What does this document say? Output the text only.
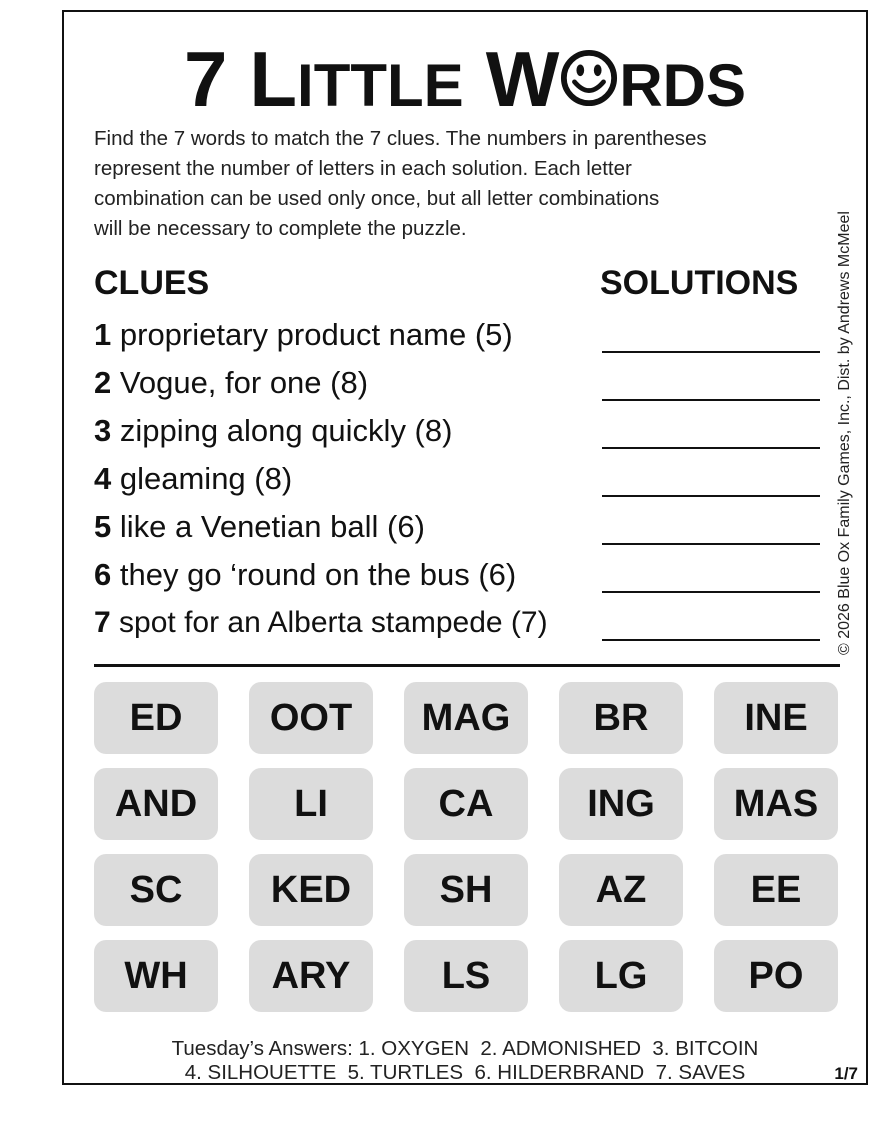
7 LITTLE W RDS
Find the 7 words to match the 7 clues. The numbers in parentheses
represent the number of letters in each solution. Each letter
combination can be used only once, but all letter combinations
will be necessary to complete the puzzle.
CLUES	SOLUTIONS
1 proprietary product name (5)
2 Vogue, for one (8)
3 zipping along quickly (8)
4 gleaming (8)
5 like a Venetian ball (6)
6 they go ‘round on the bus (6)
7 spot for an Alberta stampede (7)
ED	OOT	MAG	BR	INE
AND	LI	CA	ING	MAS
SC	KED	SH	AZ	EE
WH	ARY	LS	LG	PO
Tuesday’s Answers: 1. OXYGEN  2. ADMONISHED  3. BITCOIN
4. SILHOUETTE  5. TURTLES  6. HILDERBRAND  7. SAVES	1/7
© 2026 Blue Ox Family Games, Inc., Dist. by Andrews McMeel
